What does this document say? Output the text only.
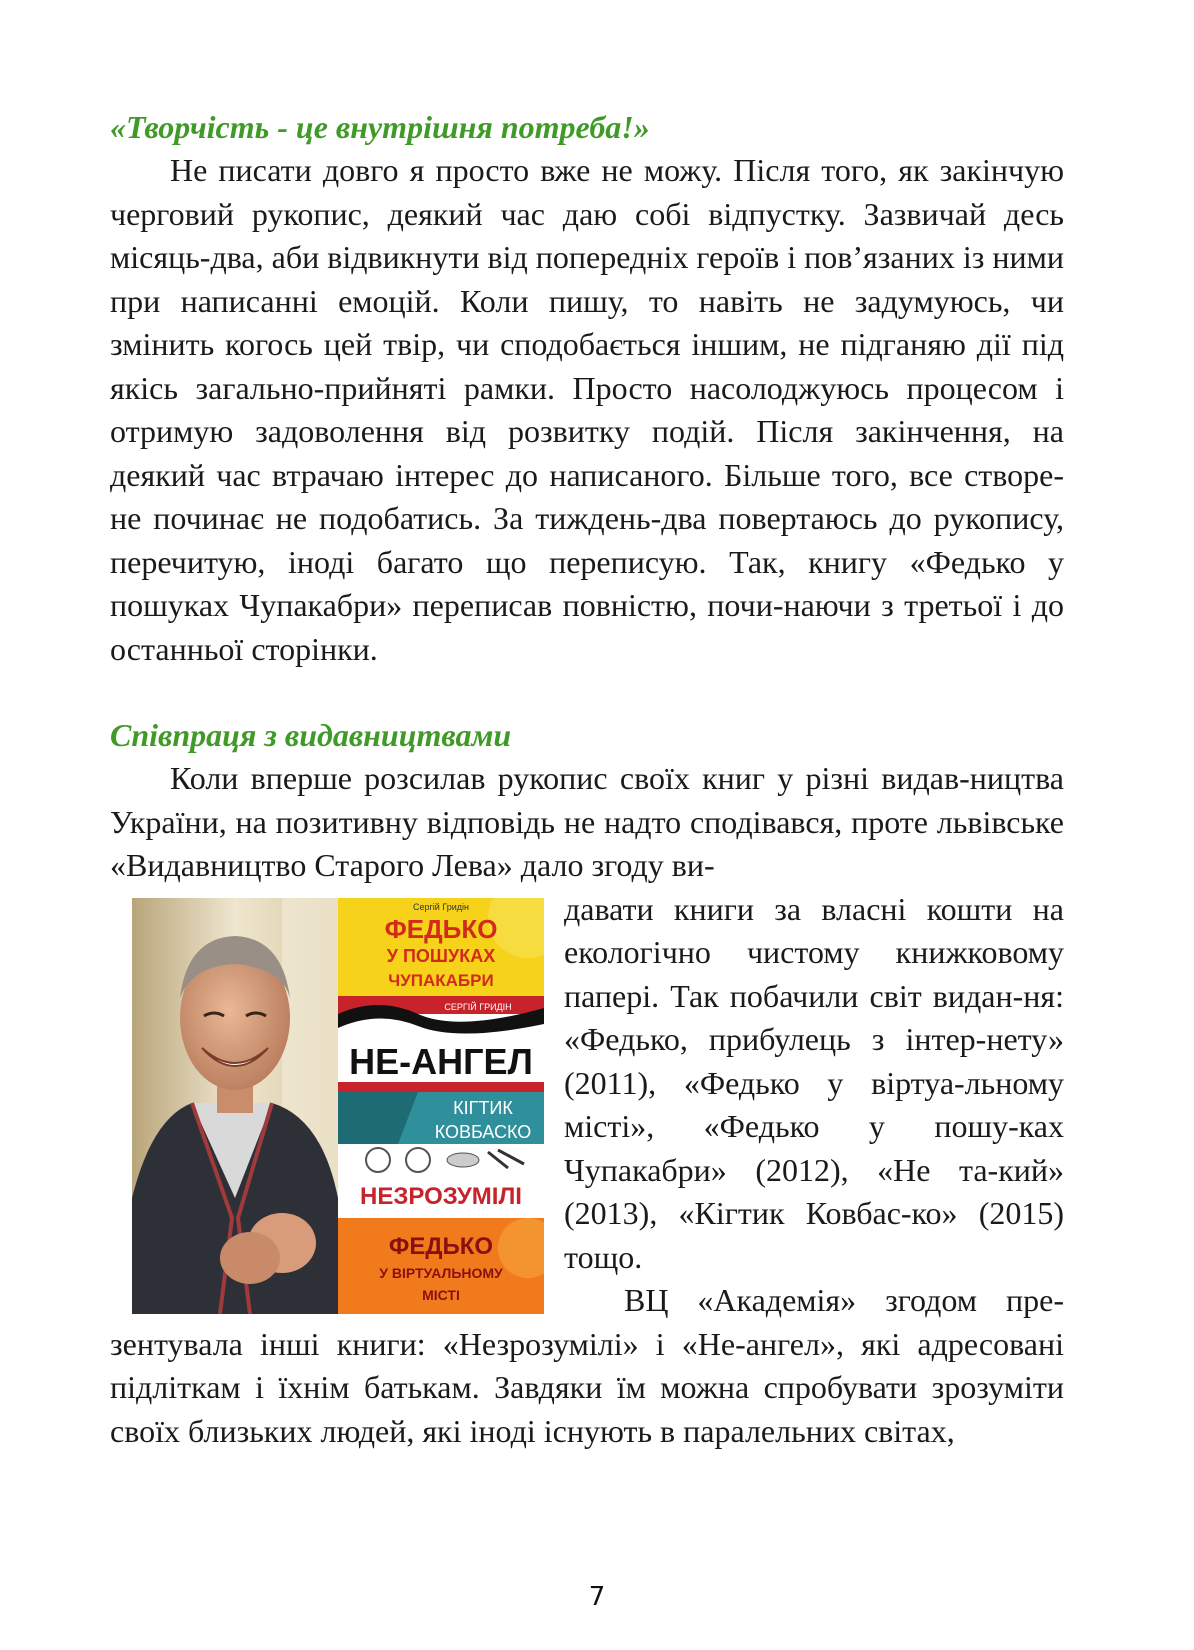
«Творчість - це внутрішня потреба!»

Не писати довго я просто вже не можу. Після того, як закінчую черговий рукопис, деякий час даю собі відпустку. Зазвичай десь місяць-два, аби відвикнути від попередніх героїв і пов’язаних із ними при написанні емоцій. Коли пишу, то навіть не задумуюсь, чи змінить когось цей твір, чи сподобається іншим, не підганяю дії під якісь загально-прийняті рамки. Просто насолоджуюсь процесом і отримую задоволення від розвитку подій. Після закінчення, на деякий час втрачаю інтерес до написаного. Більше того, все створе-не починає не подобатись. За тиждень-два повертаюсь до рукопису, перечитую, іноді багато що переписую. Так, книгу «Федько у пошуках Чупакабри» переписав повністю, почи-наючи з третьої і до останньої сторінки.

Співпраця з видавництвами

Коли вперше розсилав рукопис своїх книг у різні видав-ництва України, на позитивну відповідь не надто сподівався, проте львівське «Видавництво Старого Лева» дало згоду ви-

Сергій Гридін
ФЕДЬКО
У ПОШУКАХ
ЧУПАКАБРИ
СЕРГІЙ ГРИДІН
НЕ-АНГЕЛ
КІГТИК
КОВБАСКО
НЕЗРОЗУМІЛІ
ФЕДЬКО
У ВІРТУАЛЬНОМУ
МІСТІ

давати книги за власні кошти на екологічно чистому книжковому папері. Так побачили світ видан-ня: «Федько, прибулець з інтер-нету» (2011), «Федько у віртуа-льному місті», «Федько у пошу-ках Чупакабри» (2012), «Не та-кий» (2013), «Кігтик Ковбас-ко» (2015) тощо.

ВЦ «Академія» згодом пре-зентувала інші книги: «Незрозумілі» і «Не-ангел», які адресовані підліткам і їхнім батькам. Завдяки їм можна спробувати зрозуміти своїх близьких людей, які іноді існують в паралельних світах,

7
